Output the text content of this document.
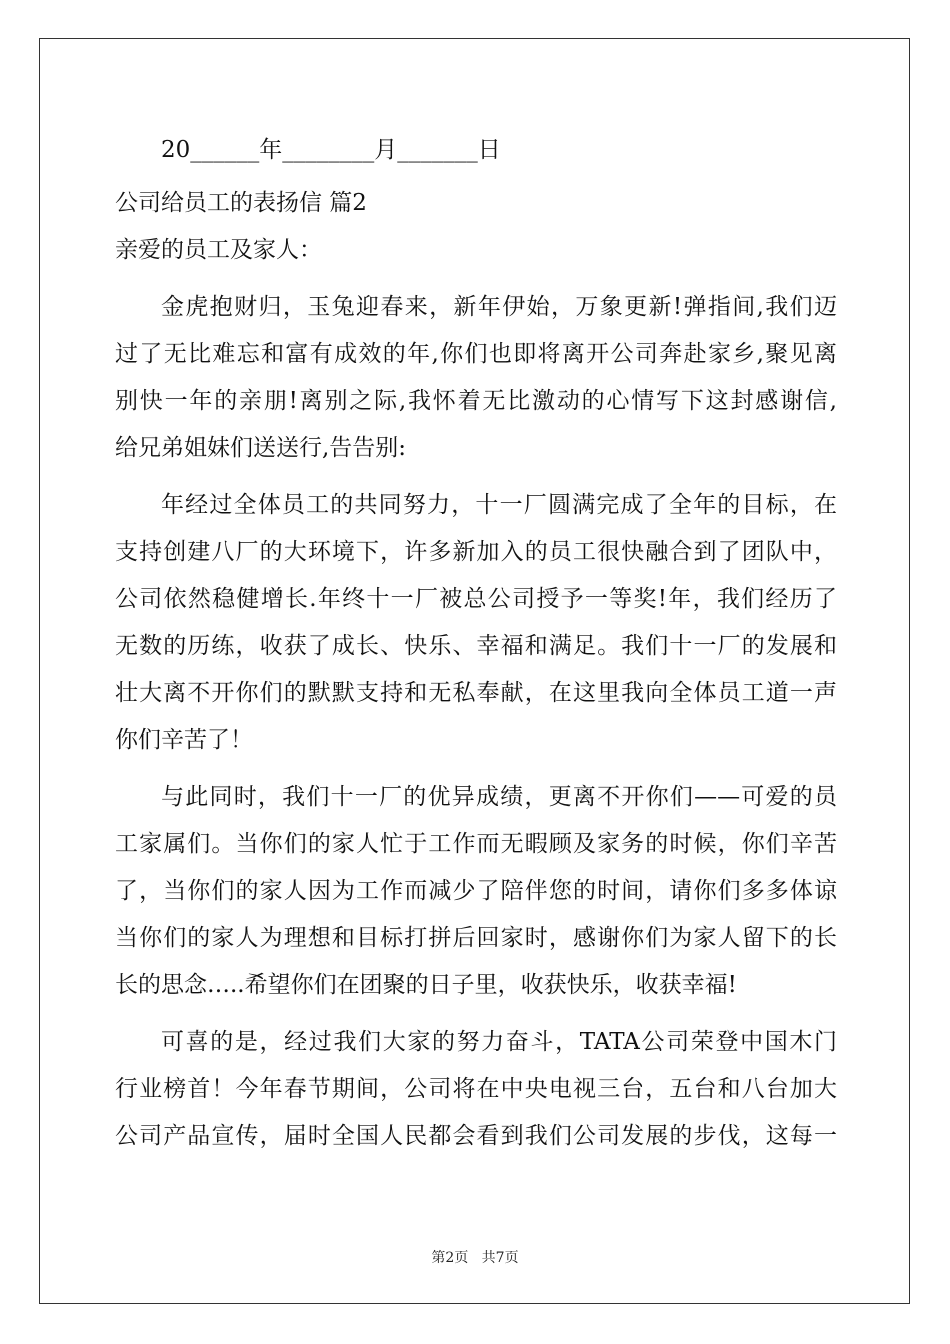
20______年________月_______日
公司给员工的表扬信 篇2
亲爱的员工及家人：
金虎抱财归，玉兔迎春来，新年伊始，万象更新!弹指间,我们迈
过了无比难忘和富有成效的年,你们也即将离开公司奔赴家乡,聚见离
别快一年的亲朋!离别之际,我怀着无比激动的心情写下这封感谢信,
给兄弟姐妹们送送行,告告别:
年经过全体员工的共同努力，十一厂圆满完成了全年的目标，在
支持创建八厂的大环境下，许多新加入的员工很快融合到了团队中，
公司依然稳健增长.年终十一厂被总公司授予一等奖!年，我们经历了
无数的历练，收获了成长、快乐、幸福和满足。我们十一厂的发展和
壮大离不开你们的默默支持和无私奉献，在这里我向全体员工道一声
你们辛苦了！
与此同时，我们十一厂的优异成绩，更离不开你们——可爱的员
工家属们。当你们的家人忙于工作而无暇顾及家务的时候，你们辛苦
了，当你们的家人因为工作而减少了陪伴您的时间，请你们多多体谅
当你们的家人为理想和目标打拼后回家时，感谢你们为家人留下的长
长的思念…..希望你们在团聚的日子里，收获快乐，收获幸福!
可喜的是，经过我们大家的努力奋斗，TATA公司荣登中国木门
行业榜首！今年春节期间，公司将在中央电视三台，五台和八台加大
公司产品宣传，届时全国人民都会看到我们公司发展的步伐，这每一
第2页   共7页
